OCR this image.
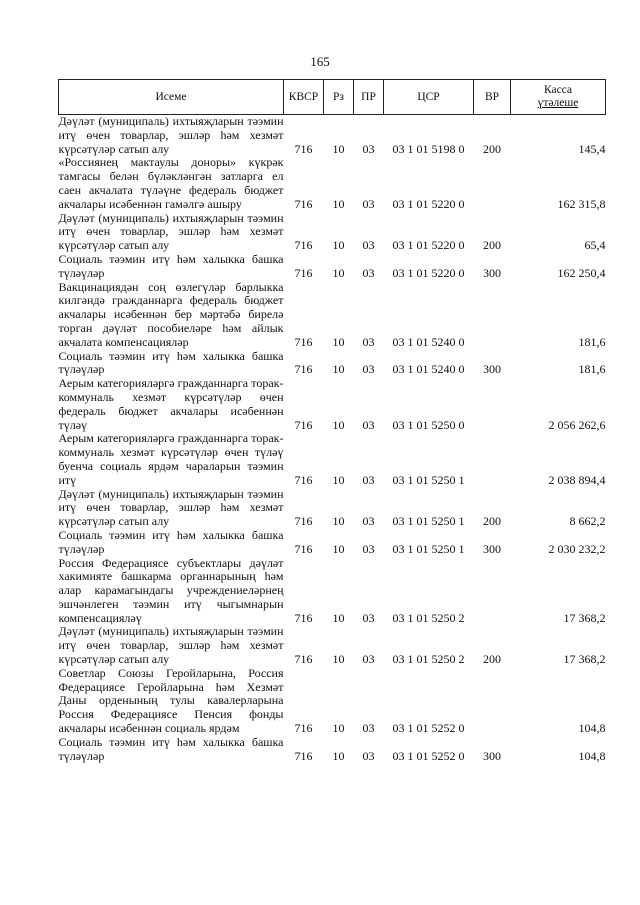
165
Исеме	КВСР	Рз	ПР	ЦСР	ВР	Касса
үтәлеше

Дәүләт (муниципаль) ихтыяҗларын тәэмин итү өчен товарлар, эшләр һәм хезмәт күрсәтүләр сатып алу	716	10	03	03 1 01 5198 0	200	145,4
«Россиянең мактаулы доноры» күкрәк тамгасы белән бүләкләнгән затларга ел саен акчалата түләүне федераль бюджет акчалары исәбеннән гамәлгә ашыру	716	10	03	03 1 01 5220 0		162 315,8
Дәүләт (муниципаль) ихтыяҗларын тәэмин итү өчен товарлар, эшләр һәм хезмәт күрсәтүләр сатып алу	716	10	03	03 1 01 5220 0	200	65,4
Социаль тәэмин итү һәм халыкка башка түләүләр	716	10	03	03 1 01 5220 0	300	162 250,4
Вакцинациядән соң өзлегүләр барлыкка килгәндә гражданнарга федераль бюджет акчалары исәбеннән бер мәртәбә бирелә торган дәүләт пособиеләре һәм айлык акчалата компенсацияләр	716	10	03	03 1 01 5240 0		181,6
Социаль тәэмин итү һәм халыкка башка түләүләр	716	10	03	03 1 01 5240 0	300	181,6
Аерым категорияләргә гражданнарга торак-коммуналь хезмәт күрсәтүләр өчен федераль бюджет акчалары исәбеннән түләү	716	10	03	03 1 01 5250 0		2 056 262,6
Аерым категорияләргә гражданнарга торак-коммуналь хезмәт күрсәтүләр өчен түләү буенча социаль ярдәм чараларын тәэмин итү	716	10	03	03 1 01 5250 1		2 038 894,4
Дәүләт (муниципаль) ихтыяҗларын тәэмин итү өчен товарлар, эшләр һәм хезмәт күрсәтүләр сатып алу	716	10	03	03 1 01 5250 1	200	8 662,2
Социаль тәэмин итү һәм халыкка башка түләүләр	716	10	03	03 1 01 5250 1	300	2 030 232,2
Россия Федерациясе субъектлары дәүләт хакимияте башкарма органнарының һәм алар карамагындагы учреждениеләрнең эшчәнлеген тәэмин итү чыгымнарын компенсацияләү	716	10	03	03 1 01 5250 2		17 368,2
Дәүләт (муниципаль) ихтыяҗларын тәэмин итү өчен товарлар, эшләр һәм хезмәт күрсәтүләр сатып алу	716	10	03	03 1 01 5250 2	200	17 368,2
Советлар Союзы Геройларына, Россия Федерациясе Геройларына һәм Хезмәт Даны орденының тулы кавалерларына Россия Федерациясе Пенсия фонды акчалары исәбеннән социаль ярдәм	716	10	03	03 1 01 5252 0		104,8
Социаль тәэмин итү һәм халыкка башка түләүләр	716	10	03	03 1 01 5252 0	300	104,8
